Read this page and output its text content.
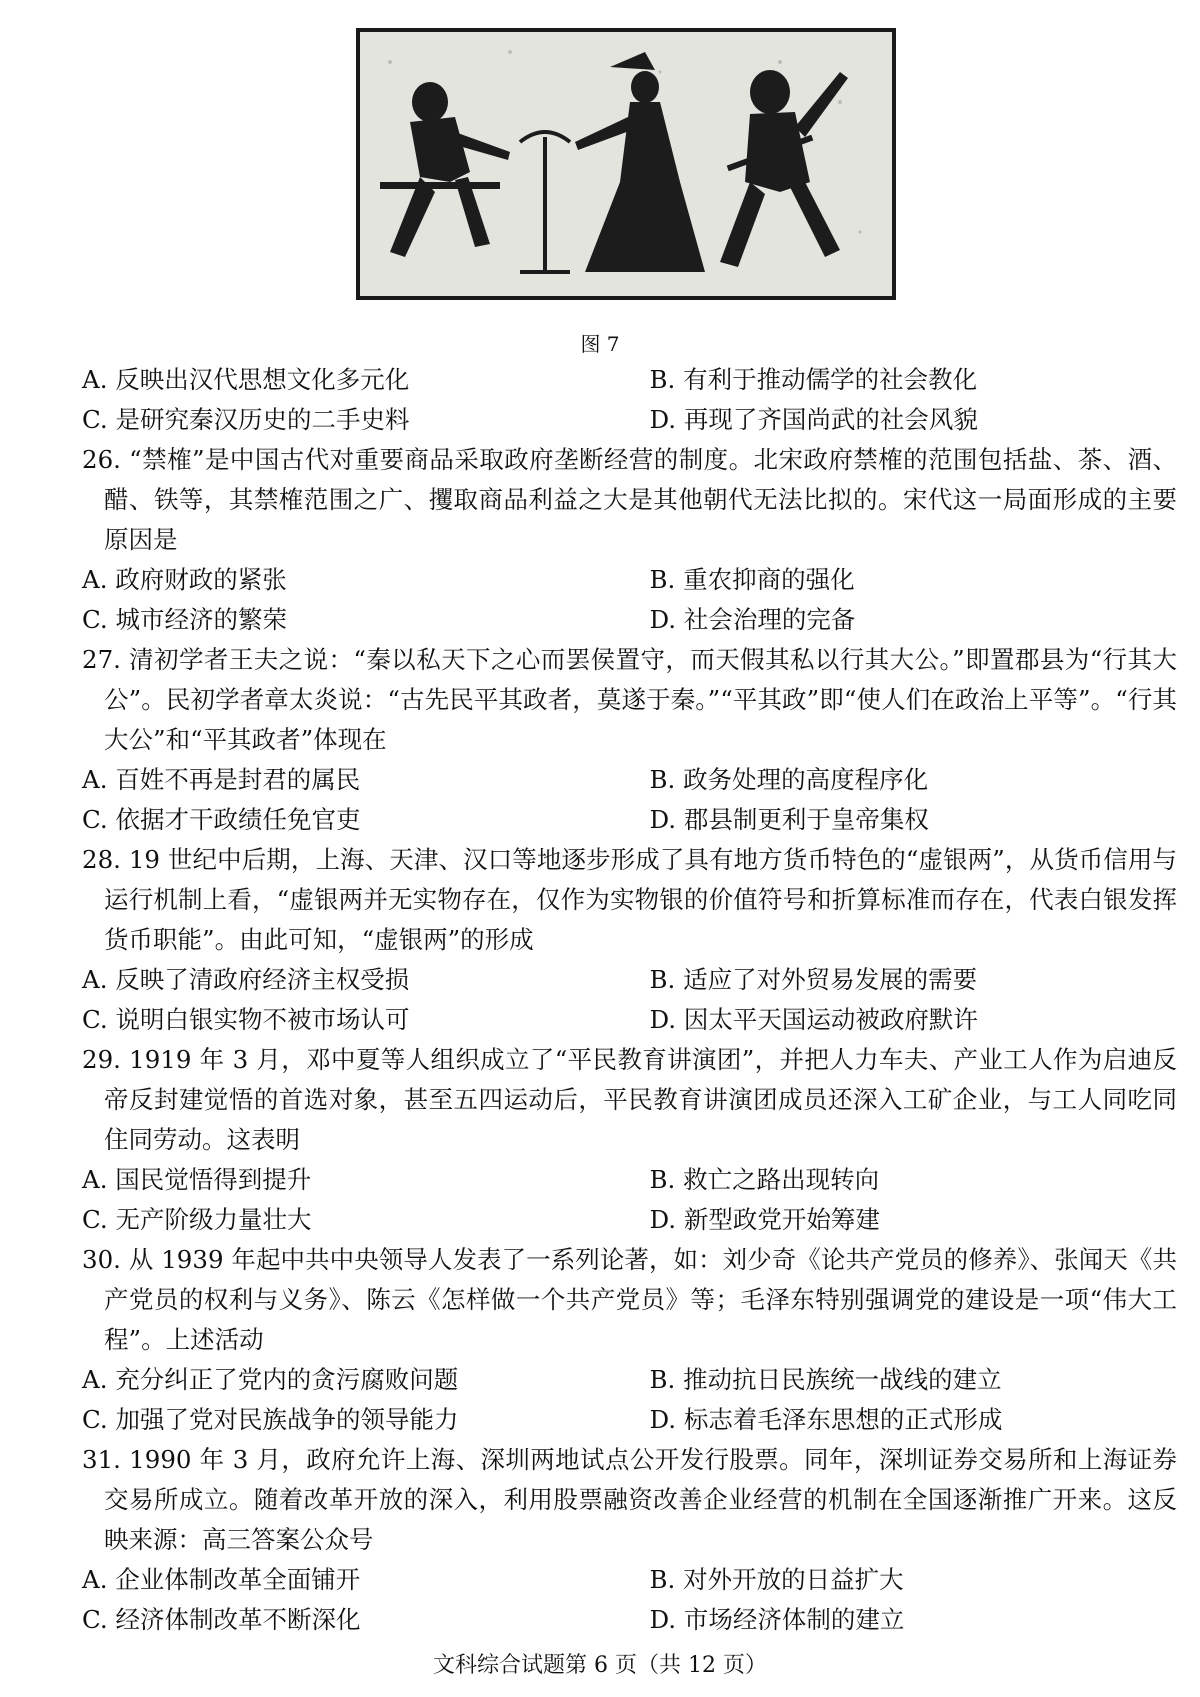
图 7
A. 反映出汉代思想文化多元化	B. 有利于推动儒学的社会教化
C. 是研究秦汉历史的二手史料	D. 再现了齐国尚武的社会风貌

26. “禁榷”是中国古代对重要商品采取政府垄断经营的制度。北宋政府禁榷的范围包括盐、茶、酒、醋、铁等，其禁榷范围之广、攫取商品利益之大是其他朝代无法比拟的。宋代这一局面形成的主要原因是

A. 政府财政的紧张	B. 重农抑商的强化
C. 城市经济的繁荣	D. 社会治理的完备

27. 清初学者王夫之说：“秦以私天下之心而罢侯置守，而天假其私以行其大公。”即置郡县为“行其大公”。民初学者章太炎说：“古先民平其政者，莫遂于秦。”“平其政”即“使人们在政治上平等”。“行其大公”和“平其政者”体现在

A. 百姓不再是封君的属民	B. 政务处理的高度程序化
C. 依据才干政绩任免官吏	D. 郡县制更利于皇帝集权

28. 19 世纪中后期，上海、天津、汉口等地逐步形成了具有地方货币特色的“虚银两”，从货币信用与运行机制上看，“虚银两并无实物存在，仅作为实物银的价值符号和折算标准而存在，代表白银发挥货币职能”。由此可知，“虚银两”的形成

A. 反映了清政府经济主权受损	B. 适应了对外贸易发展的需要
C. 说明白银实物不被市场认可	D. 因太平天国运动被政府默许

29. 1919 年 3 月，邓中夏等人组织成立了“平民教育讲演团”，并把人力车夫、产业工人作为启迪反帝反封建觉悟的首选对象，甚至五四运动后，平民教育讲演团成员还深入工矿企业，与工人同吃同住同劳动。这表明

A. 国民觉悟得到提升	B. 救亡之路出现转向
C. 无产阶级力量壮大	D. 新型政党开始筹建

30. 从 1939 年起中共中央领导人发表了一系列论著，如：刘少奇《论共产党员的修养》、张闻天《共产党员的权利与义务》、陈云《怎样做一个共产党员》等；毛泽东特别强调党的建设是一项“伟大工程”。上述活动

A. 充分纠正了党内的贪污腐败问题	B. 推动抗日民族统一战线的建立
C. 加强了党对民族战争的领导能力	D. 标志着毛泽东思想的正式形成

31. 1990 年 3 月，政府允许上海、深圳两地试点公开发行股票。同年，深圳证券交易所和上海证券交易所成立。随着改革开放的深入，利用股票融资改善企业经营的机制在全国逐渐推广开来。这反映来源：高三答案公众号

A. 企业体制改革全面铺开	B. 对外开放的日益扩大
C. 经济体制改革不断深化	D. 市场经济体制的建立
文科综合试题第 6 页（共 12 页）
